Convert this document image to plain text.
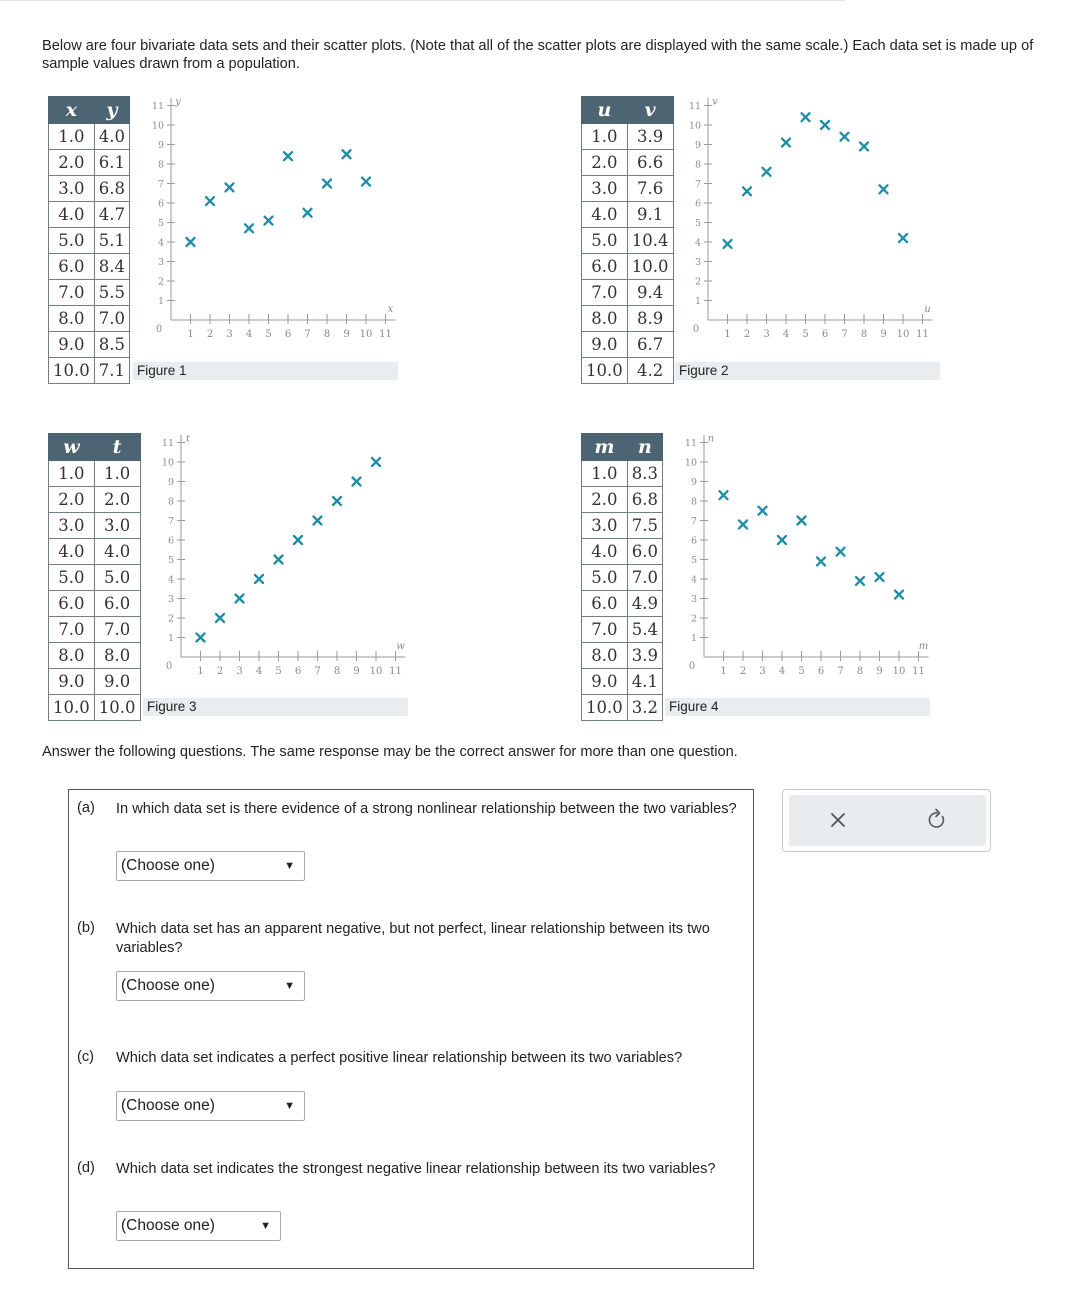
Below are four bivariate data sets and their scatter plots. (Note that all of the scatter plots are displayed with the same scale.) Each data set is made up of sample values drawn from a population.
x	y
1.0	4.0
2.0	6.1
3.0	6.8
4.0	4.7
5.0	5.1
6.0	8.4
7.0	5.5
8.0	7.0
9.0	8.5
10.0	7.1
u	v
1.0	3.9
2.0	6.6
3.0	7.6
4.0	9.1
5.0	10.4
6.0	10.0
7.0	9.4
8.0	8.9
9.0	6.7
10.0	4.2
w	t
1.0	1.0
2.0	2.0
3.0	3.0
4.0	4.0
5.0	5.0
6.0	6.0
7.0	7.0
8.0	8.0
9.0	9.0
10.0	10.0
m	n
1.0	8.3
2.0	6.8
3.0	7.5
4.0	6.0
5.0	7.0
6.0	4.9
7.0	5.4
8.0	3.9
9.0	4.1
10.0	3.2
1
1
2
2
3
3
4
4
5
5
6
6
7
7
8
8
9
9
10
10
11
11
0
x
y
1
1
2
2
3
3
4
4
5
5
6
6
7
7
8
8
9
9
10
10
11
11
0
u
v
1
1
2
2
3
3
4
4
5
5
6
6
7
7
8
8
9
9
10
10
11
11
0
w
t
1
1
2
2
3
3
4
4
5
5
6
6
7
7
8
8
9
9
10
10
11
11
0
m
n
Figure 1	Figure 2
Figure 3	Figure 4
Answer the following questions. The same response may be the correct answer for more than one question.
(a) In which data set is there evidence of a strong nonlinear relationship between the two variables?
(Choose one)	▼
(b) Which data set has an apparent negative, but not perfect, linear relationship between its two variables?
(Choose one)	▼
(c) Which data set indicates a perfect positive linear relationship between its two variables?
(Choose one)	▼
(d) Which data set indicates the strongest negative linear relationship between its two variables?
(Choose one)	▼
